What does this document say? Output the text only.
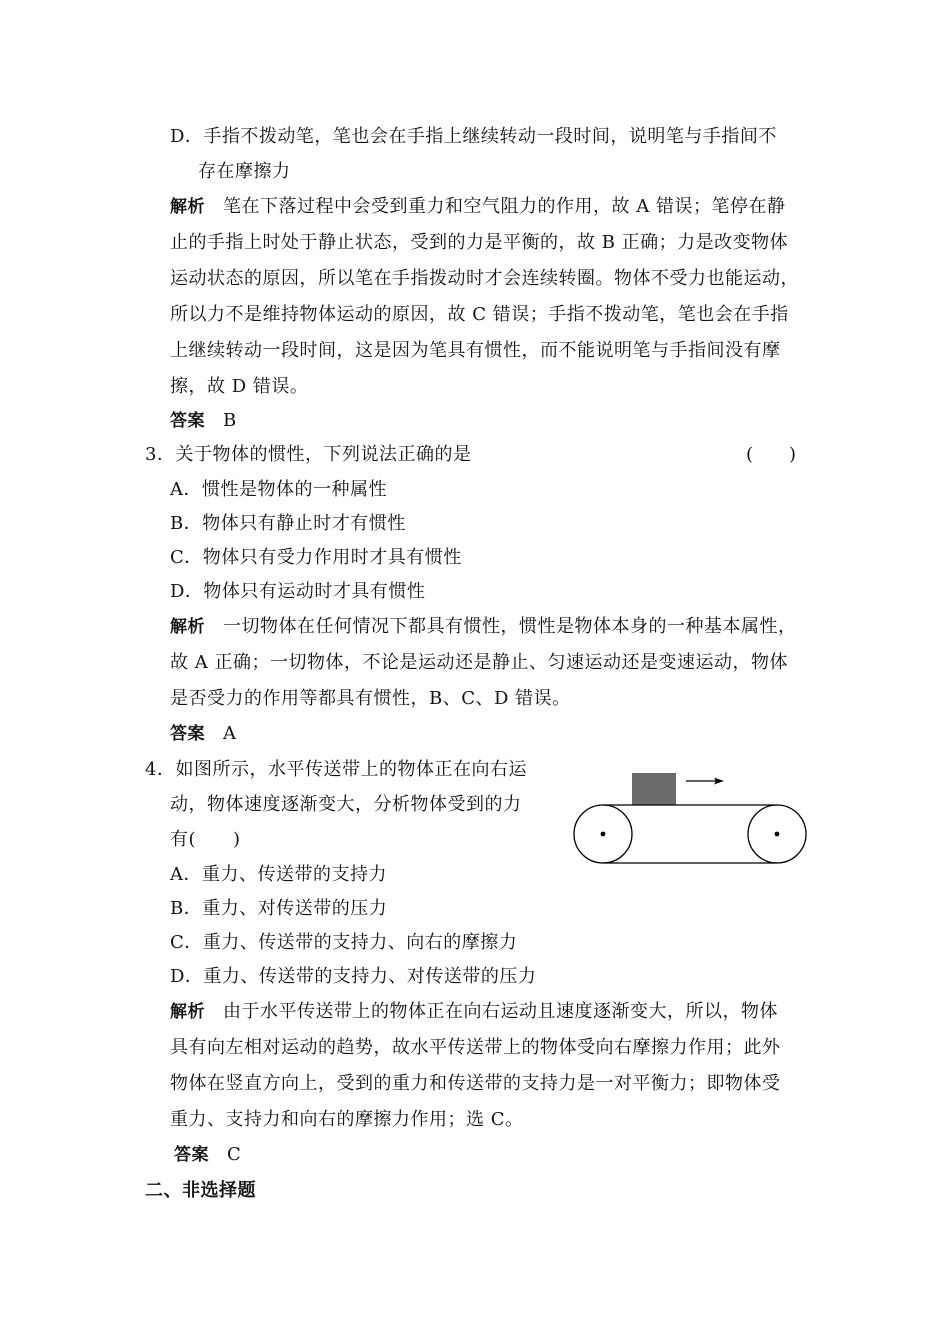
D．手指不拨动笔，笔也会在手指上继续转动一段时间，说明笔与手指间不
存在摩擦力
解析 笔在下落过程中会受到重力和空气阻力的作用，故 A 错误；笔停在静
止的手指上时处于静止状态，受到的力是平衡的，故 B 正确；力是改变物体
运动状态的原因，所以笔在手指拨动时才会连续转圈。物体不受力也能运动，
所以力不是维持物体运动的原因，故 C 错误；手指不拨动笔，笔也会在手指
上继续转动一段时间，这是因为笔具有惯性，而不能说明笔与手指间没有摩
擦，故 D 错误。
答案 B
3．关于物体的惯性，下列说法正确的是	(　　)
A．惯性是物体的一种属性
B．物体只有静止时才有惯性
C．物体只有受力作用时才具有惯性
D．物体只有运动时才具有惯性
解析 一切物体在任何情况下都具有惯性，惯性是物体本身的一种基本属性，
故 A 正确；一切物体，不论是运动还是静止、匀速运动还是变速运动，物体
是否受力的作用等都具有惯性，B、C、D 错误。
答案 A
4．如图所示，水平传送带上的物体正在向右运
动，物体速度逐渐变大，分析物体受到的力
有(　　)
A．重力、传送带的支持力
B．重力、对传送带的压力
C．重力、传送带的支持力、向右的摩擦力
D．重力、传送带的支持力、对传送带的压力
解析 由于水平传送带上的物体正在向右运动且速度逐渐变大，所以，物体
具有向左相对运动的趋势，故水平传送带上的物体受向右摩擦力作用；此外
物体在竖直方向上，受到的重力和传送带的支持力是一对平衡力；即物体受
重力、支持力和向右的摩擦力作用；选 C。
答案 C
二、非选择题
